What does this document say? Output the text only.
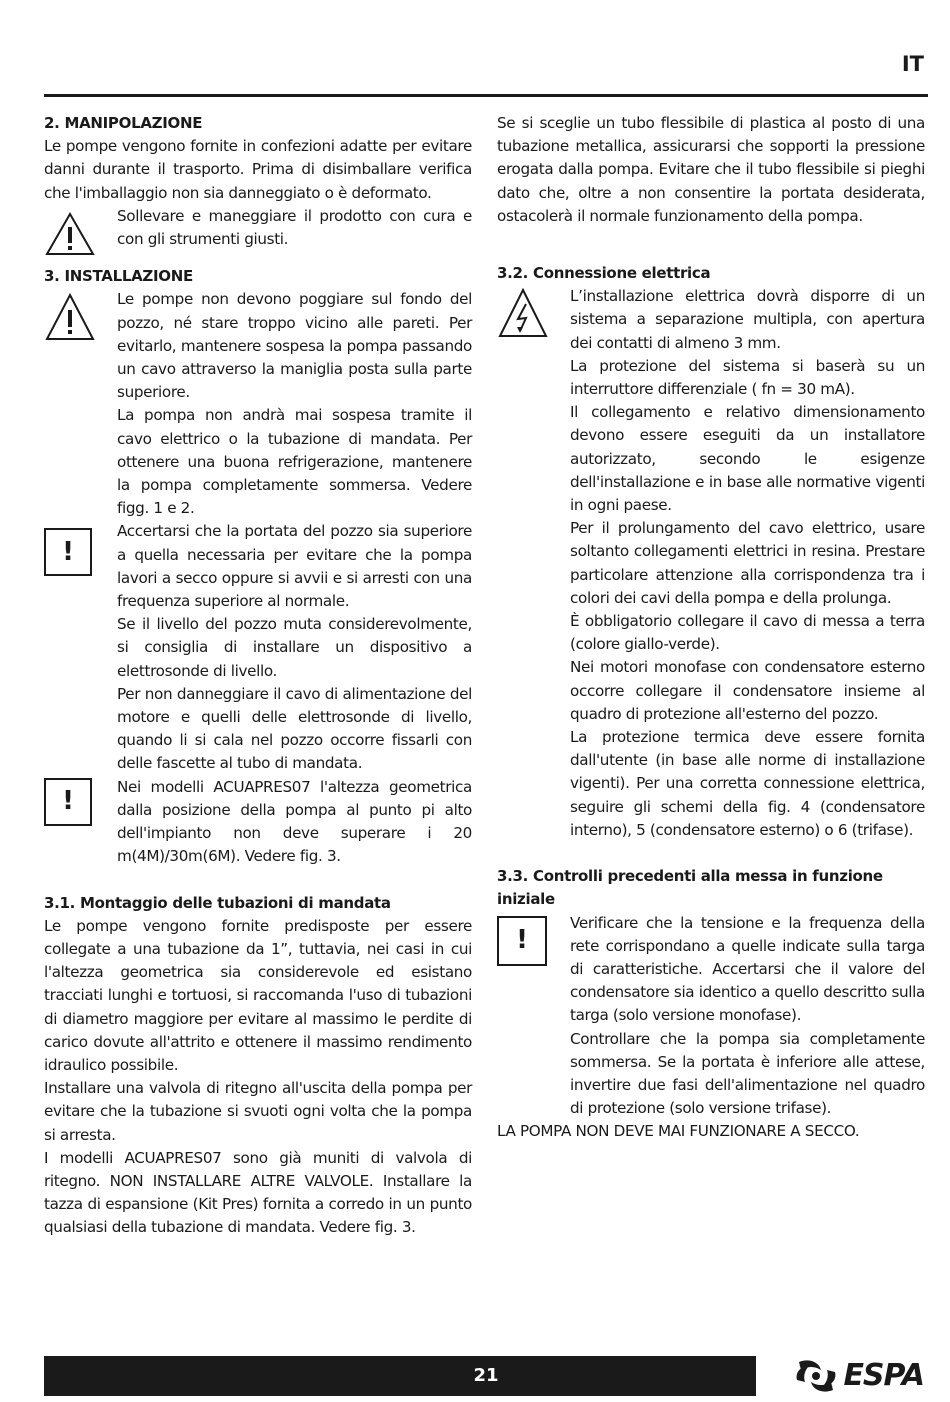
IT
2. MANIPOLAZIONE

Le pompe vengono fornite in confezioni adatte per evitare danni durante il trasporto. Prima di disimballare verifica che l'imballaggio non sia danneggiato o è deformato.

Sollevare e maneggiare il prodotto con cura e con gli strumenti giusti.

3. INSTALLAZIONE

Le pompe non devono poggiare sul fondo del pozzo, né stare troppo vicino alle pareti. Per evitarlo, mantenere sospesa la pompa passando un cavo attraverso la maniglia posta sulla parte superiore.

La pompa non andrà mai sospesa tramite il cavo elettrico o la tubazione di mandata. Per ottenere una buona refrigerazione, mantenere la pompa completamente sommersa. Vedere figg. 1 e 2.

!

Accertarsi che la portata del pozzo sia superiore a quella necessaria per evitare che la pompa lavori a secco oppure si avvii e si arresti con una frequenza superiore al normale.

Se il livello del pozzo muta considerevolmente, si consiglia di installare un dispositivo a elettrosonde di livello.

Per non danneggiare il cavo di alimentazione del motore e quelli delle elettrosonde di livello, quando li si cala nel pozzo occorre fissarli con delle fascette al tubo di mandata.

!	Nei modelli ACUAPRES07 l'altezza geometrica dalla posizione della pompa al punto pi alto dell'impianto non deve superare i 20 m(4M)/30m(6M). Vedere fig. 3.

3.1. Montaggio delle tubazioni di mandata

Le pompe vengono fornite predisposte per essere collegate a una tubazione da 1”, tuttavia, nei casi in cui l'altezza geometrica sia considerevole ed esistano tracciati lunghi e tortuosi, si raccomanda l'uso di tubazioni di diametro maggiore per evitare al massimo le perdite di carico dovute all'attrito e ottenere il massimo rendimento idraulico possibile.

Installare una valvola di ritegno all'uscita della pompa per evitare che la tubazione si svuoti ogni volta che la pompa si arresta.

I modelli ACUAPRES07 sono già muniti di valvola di ritegno. NON INSTALLARE ALTRE VALVOLE. Installare la tazza di espansione (Kit Pres) fornita a corredo in un punto qualsiasi della tubazione di mandata. Vedere fig. 3.

Se si sceglie un tubo flessibile di plastica al posto di una tubazione metallica, assicurarsi che sopporti la pressione erogata dalla pompa. Evitare che il tubo flessibile si pieghi dato che, oltre a non consentire la portata desiderata, ostacolerà il normale funzionamento della pompa.

3.2. Connessione elettrica

L’installazione elettrica dovrà disporre di un sistema a separazione multipla, con apertura dei contatti di almeno 3 mm.

La protezione del sistema si baserà su un interruttore differenziale ( fn = 30 mA).

Il collegamento e relativo dimensionamento devono essere eseguiti da un installatore autorizzato, secondo le esigenze dell'installazione e in base alle normative vigenti in ogni paese.

Per il prolungamento del cavo elettrico, usare soltanto collegamenti elettrici in resina. Prestare particolare attenzione alla corrispondenza tra i colori dei cavi della pompa e della prolunga.

È obbligatorio collegare il cavo di messa a terra (colore giallo-verde).

Nei motori monofase con condensatore esterno occorre collegare il condensatore insieme al quadro di protezione all'esterno del pozzo.

La protezione termica deve essere fornita dall'utente (in base alle norme di installazione vigenti). Per una corretta connessione elettrica, seguire gli schemi della fig. 4 (condensatore interno), 5 (condensatore esterno) o 6 (trifase).

3.3. Controlli precedenti alla messa in funzione iniziale
!

Verificare che la tensione e la frequenza della rete corrispondano a quelle indicate sulla targa di caratteristiche. Accertarsi che il valore del condensatore sia identico a quello descritto sulla targa (solo versione monofase).

Controllare che la pompa sia completamente sommersa. Se la portata è inferiore alle attese, invertire due fasi dell'alimentazione nel quadro di protezione (solo versione trifase).

LA POMPA NON DEVE MAI FUNZIONARE A SECCO.

21	ESPA
